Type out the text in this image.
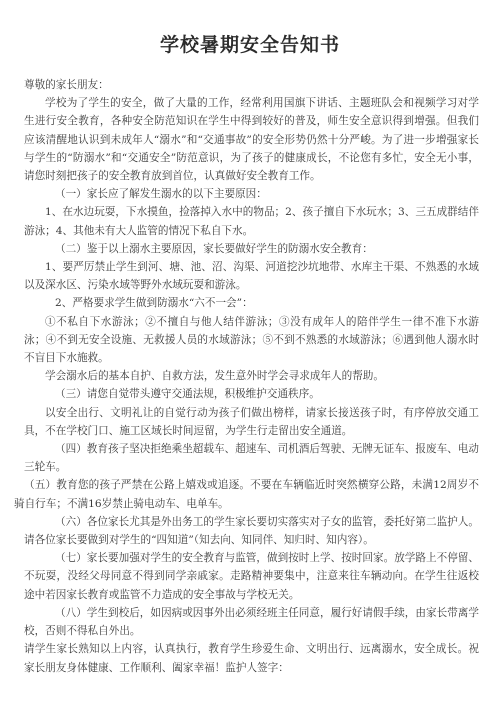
学校暑期安全告知书

尊敬的家长朋友：

学校为了学生的安全，做了大量的工作，经常利用国旗下讲话、主题班队会和视频学习对学生进行安全教育，各种安全防范知识在学生中得到较好的普及，师生安全意识得到增强。但我们应该清醒地认识到未成年人“溺水”和“交通事故”的安全形势仍然十分严峻。为了进一步增强家长与学生的“防溺水”和“交通安全”防范意识，为了孩子的健康成长，不论您有多忙，安全无小事，请您时刻把孩子的安全教育放到首位，认真做好安全教育工作。

（一）家长应了解发生溺水的以下主要原因：

1、在水边玩耍，下水摸鱼，捡落掉入水中的物品；2、孩子擅自下水玩水；3、三五成群结伴游泳；4、其他未有大人监管的情况下私自下水。

（二）鉴于以上溺水主要原因，家长要做好学生的防溺水安全教育：

1、要严厉禁止学生到河、塘、池、沼、沟渠、河道挖沙坑地带、水库主干渠、不熟悉的水域以及深水区、污染水域等野外水域玩耍和游泳。

2、严格要求学生做到防溺水“六不一会”：

①不私自下水游泳；②不擅自与他人结伴游泳；③没有成年人的陪伴学生一律不准下水游泳；④不到无安全设施、无救援人员的水域游泳；⑤不到不熟悉的水域游泳；⑥遇到他人溺水时不盲目下水施救。

学会溺水后的基本自护、自救方法，发生意外时学会寻求成年人的帮助。

（三）请您自觉带头遵守交通法规，积极维护交通秩序。

以安全出行、文明礼让的自觉行动为孩子们做出榜样，请家长接送孩子时，有序停放交通工具，不在学校门口、施工区域长时间逗留，为学生行走留出安全通道。

（四）教育孩子坚决拒绝乘坐超载车、超速车、司机酒后驾驶、无牌无证车、报废车、电动三轮车。

（五）教育您的孩子严禁在公路上嬉戏或追逐。不要在车辆临近时突然横穿公路，未满12周岁不骑自行车；不满16岁禁止骑电动车、电单车。

（六）各位家长尤其是外出务工的学生家长要切实落实对子女的监管，委托好第二监护人。请各位家长要做到对学生的“四知道”（知去向、知同伴、知归时、知内容）。

（七）家长要加强对学生的安全教育与监管，做到按时上学、按时回家。放学路上不停留、不玩耍，没经父母同意不得到同学亲戚家。走路精神要集中，注意来往车辆动向。在学生往返校途中若因家长教育或监管不力造成的安全事故与学校无关。

（八）学生到校后，如因病或因事外出必须经班主任同意，履行好请假手续，由家长带离学校，否则不得私自外出。

请学生家长熟知以上内容，认真执行，教育学生珍爱生命、文明出行、远离溺水，安全成长。祝家长朋友身体健康、工作顺利、阖家幸福！监护人签字：
